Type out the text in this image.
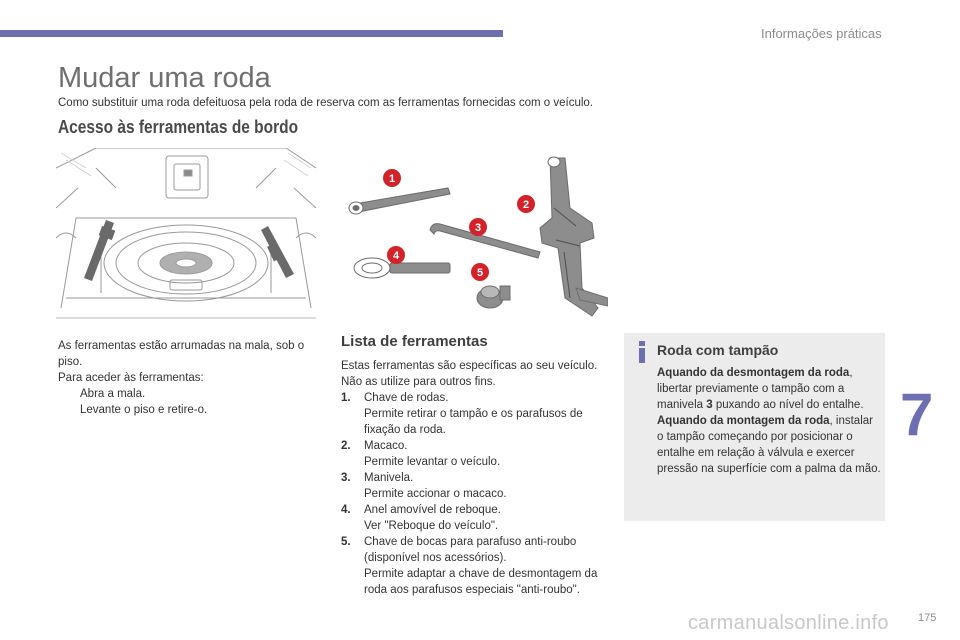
Informações práticas
Mudar uma roda
Como substituir uma roda defeituosa pela roda de reserva com as ferramentas fornecidas com o veículo.
Acesso às ferramentas de bordo
1
2
3
4
5

As ferramentas estão arrumadas na mala, sob o piso.

Para aceder às ferramentas:

Abra a mala.
Levante o piso e retire-o.
Lista de ferramentas

Estas ferramentas são específicas ao seu veículo. Não as utilize para outros fins.

1. Chave de rodas.
Permite retirar o tampão e os parafusos de fixação da roda.
2. Macaco.
Permite levantar o veículo.
3. Manivela.
Permite accionar o macaco.
4. Anel amovível de reboque.
Ver "Reboque do veículo".
5. Chave de bocas para parafuso anti-roubo
(disponível nos acessórios).
Permite adaptar a chave de desmontagem da roda aos parafusos especiais "anti-roubo".
Roda com tampão

Aquando da desmontagem da roda, libertar previamente o tampão com a manivela 3 puxando ao nível do entalhe.

Aquando da montagem da roda, instalar o tampão começando por posicionar o entalhe em relação à válvula e exercer pressão na superfície com a palma da mão.

7
carmanualsonline.info	175
